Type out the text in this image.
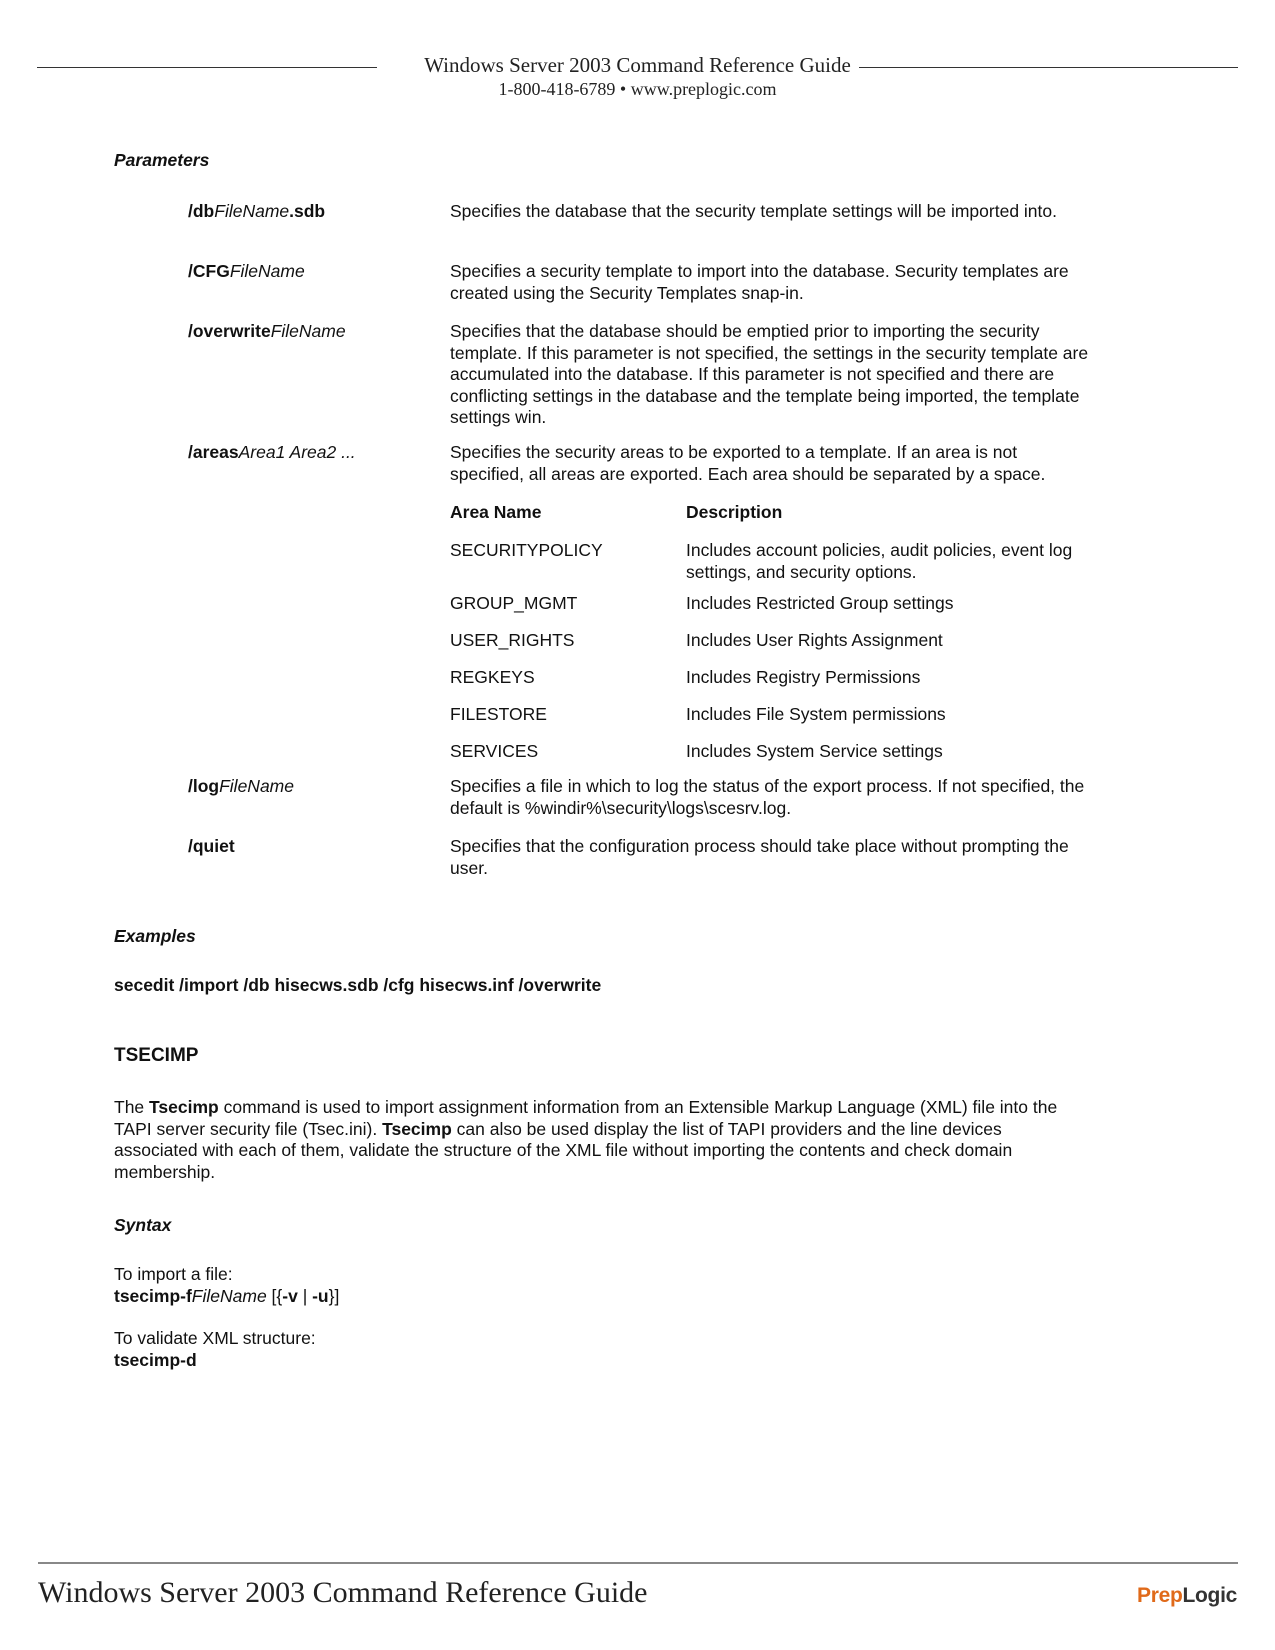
Windows Server 2003 Command Reference Guide
1-800-418-6789 • www.preplogic.com
Parameters
/dbFileName.sdb	Specifies the database that the security template settings will be imported into.
/CFGFileName	Specifies a security template to import into the database. Security templates are created using the Security Templates snap-in.
/overwriteFileName	Specifies that the database should be emptied prior to importing the security template. If this parameter is not specified, the settings in the security template are accumulated into the database. If this parameter is not specified and there are conflicting settings in the database and the template being imported, the template settings win.
/areasArea1 Area2 ...	Specifies the security areas to be exported to a template. If an area is not specified, all areas are exported. Each area should be separated by a space.
Area Name	Description
SECURITYPOLICY	Includes account policies, audit policies, event log settings, and security options.
GROUP_MGMT	Includes Restricted Group settings
USER_RIGHTS	Includes User Rights Assignment
REGKEYS	Includes Registry Permissions
FILESTORE	Includes File System permissions
SERVICES	Includes System Service settings
/logFileName	Specifies a file in which to log the status of the export process. If not specified, the default is %windir%\security\logs\scesrv.log.
/quiet	Specifies that the configuration process should take place without prompting the user.
Examples
secedit /import /db hisecws.sdb /cfg hisecws.inf /overwrite
TSECIMP
The Tsecimp command is used to import assignment information from an Extensible Markup Language (XML) file into the TAPI server security file (Tsec.ini). Tsecimp can also be used display the list of TAPI providers and the line devices associated with each of them, validate the structure of the XML file without importing the contents and check domain membership.
Syntax
To import a file:
tsecimp-fFileName [{-v | -u}]
To validate XML structure:
tsecimp-d
Windows Server 2003 Command Reference Guide	PrepLogic
